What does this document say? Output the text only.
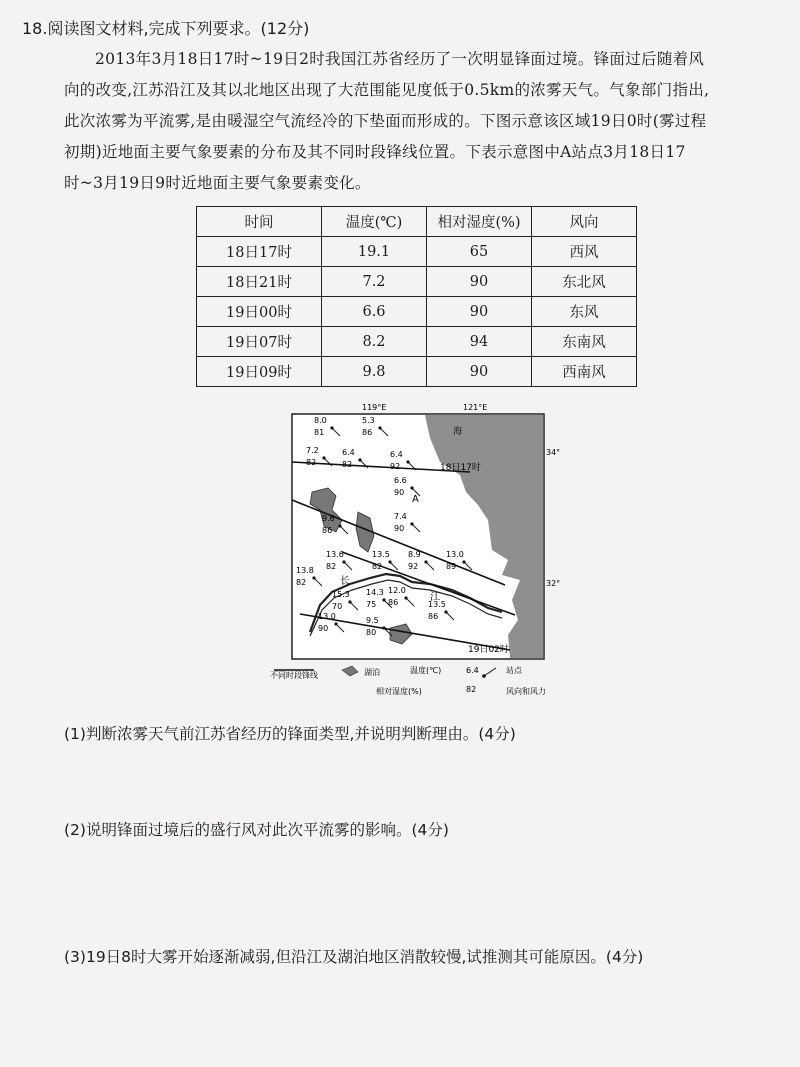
18.阅读图文材料,完成下列要求。(12分)

2013年3月18日17时~19日2时我国江苏省经历了一次明显锋面过境。锋面过后随着风

向的改变,江苏沿江及其以北地区出现了大范围能见度低于0.5km的浓雾天气。气象部门指出,

此次浓雾为平流雾,是由暖湿空气流经冷的下垫面而形成的。下图示意该区域19日0时(雾过程

初期)近地面主要气象要素的分布及其不同时段锋线位置。下表示意图中A站点3月18日17

时~3月19日9时近地面主要气象要素变化。

时间	温度(℃)	相对湿度(%)	风向
18日17时	19.1	65	西风
18日21时	7.2	90	东北风
19日00时	6.6	90	东风
19日07时	8.2	94	东南风
19日09时	9.8	90	西南风
海
长
江
18日17时
19日02时
119°E	121°E
34°
32°
A
8.0
81
5.3
86
7.2
82
6.4
82
6.4
92
6.6
90
9.6
86
7.4
90
13.6
82
13.5
82
8.9
92
13.0
89
13.8
82
15.3
70
14.3
75
12.0
86	13.5
86
13.0
90
9.5
80
不同时段锋线	湖泊	温度(℃)	6.4	站点
相对湿度(%)	82	风向和风力
(1)判断浓雾天气前江苏省经历的锋面类型,并说明判断理由。(4分)
(2)说明锋面过境后的盛行风对此次平流雾的影响。(4分)
(3)19日8时大雾开始逐渐减弱,但沿江及湖泊地区消散较慢,试推测其可能原因。(4分)
